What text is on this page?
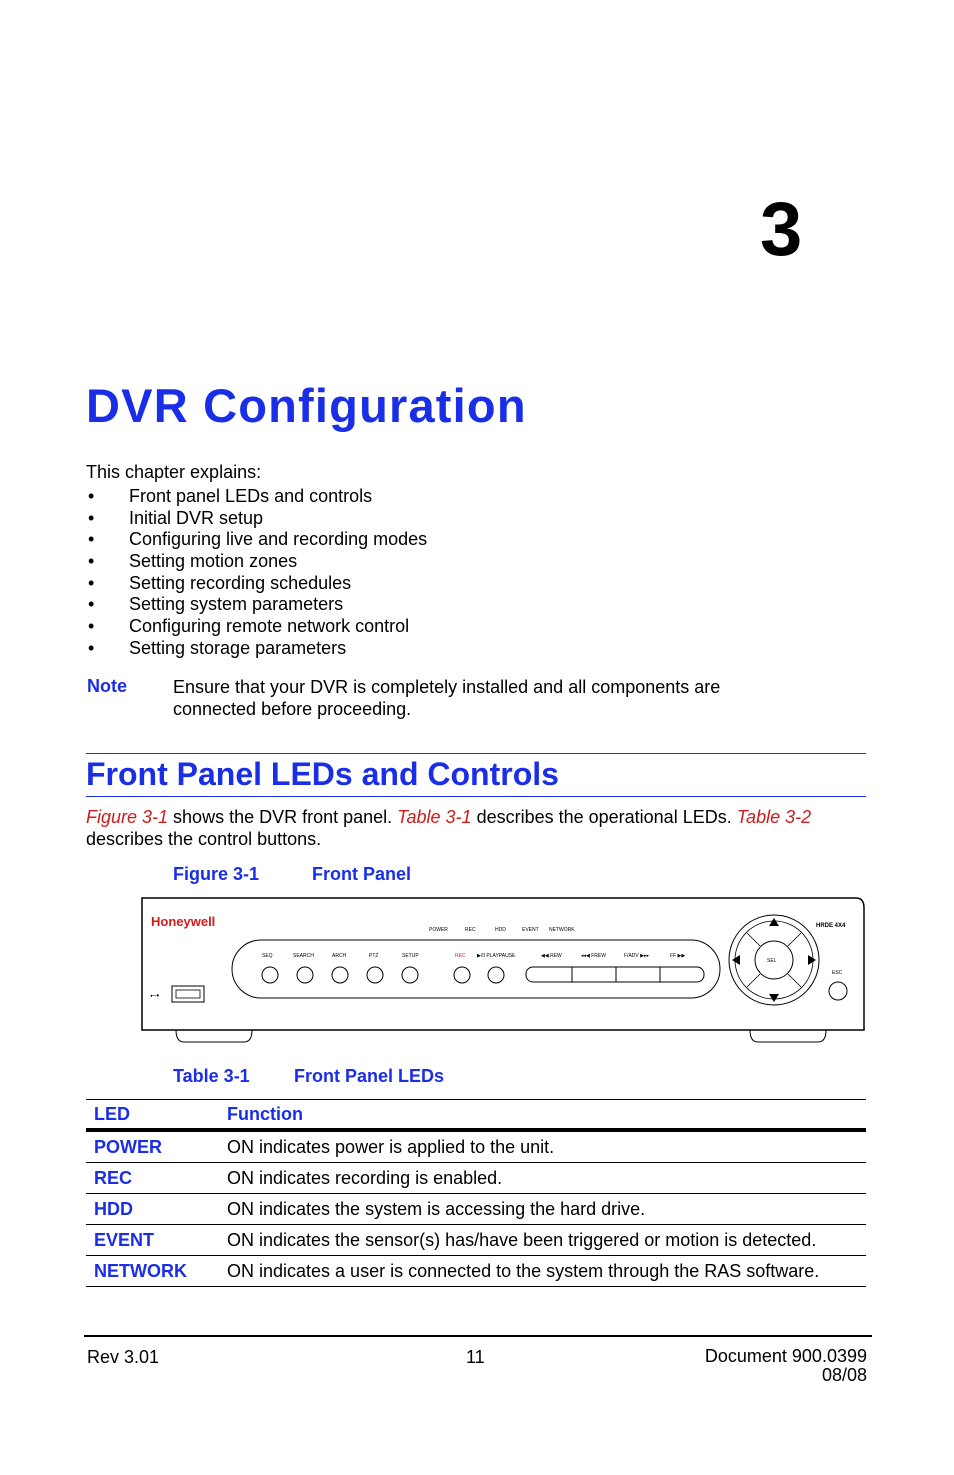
3
DVR Configuration
This chapter explains:
• Front panel LEDs and controls
• Initial DVR setup
• Configuring live and recording modes
• Setting motion zones
• Setting recording schedules
• Setting system parameters
• Configuring remote network control
• Setting storage parameters
Note	Ensure that your DVR is completely installed and all components are connected before proceeding.
Front Panel LEDs and Controls
Figure 3-1 shows the DVR front panel. Table 3-1 describes the operational LEDs. Table 3-2 describes the control buttons.
Figure 3-1	Front Panel
Honeywell	HRDE 4X4
POWER	REC	HDD	EVENT NETWORK
SEQ	SEARCH	ARCH	PTZ	SETUP	REC ▶/II PLAYPAUSE	◀◀ REW	◂◂◀ FREW	F/ADV ▶▸▸	FF ▶▶
⭠•
SEL
ESC
Table 3-1 Front Panel LEDs
LED	Function
POWER	ON indicates power is applied to the unit.
REC	ON indicates recording is enabled.
HDD	ON indicates the system is accessing the hard drive.
EVENT	ON indicates the sensor(s) has/have been triggered or motion is detected.
NETWORK	ON indicates a user is connected to the system through the RAS software.
Rev 3.01	11	Document 900.0399
08/08
